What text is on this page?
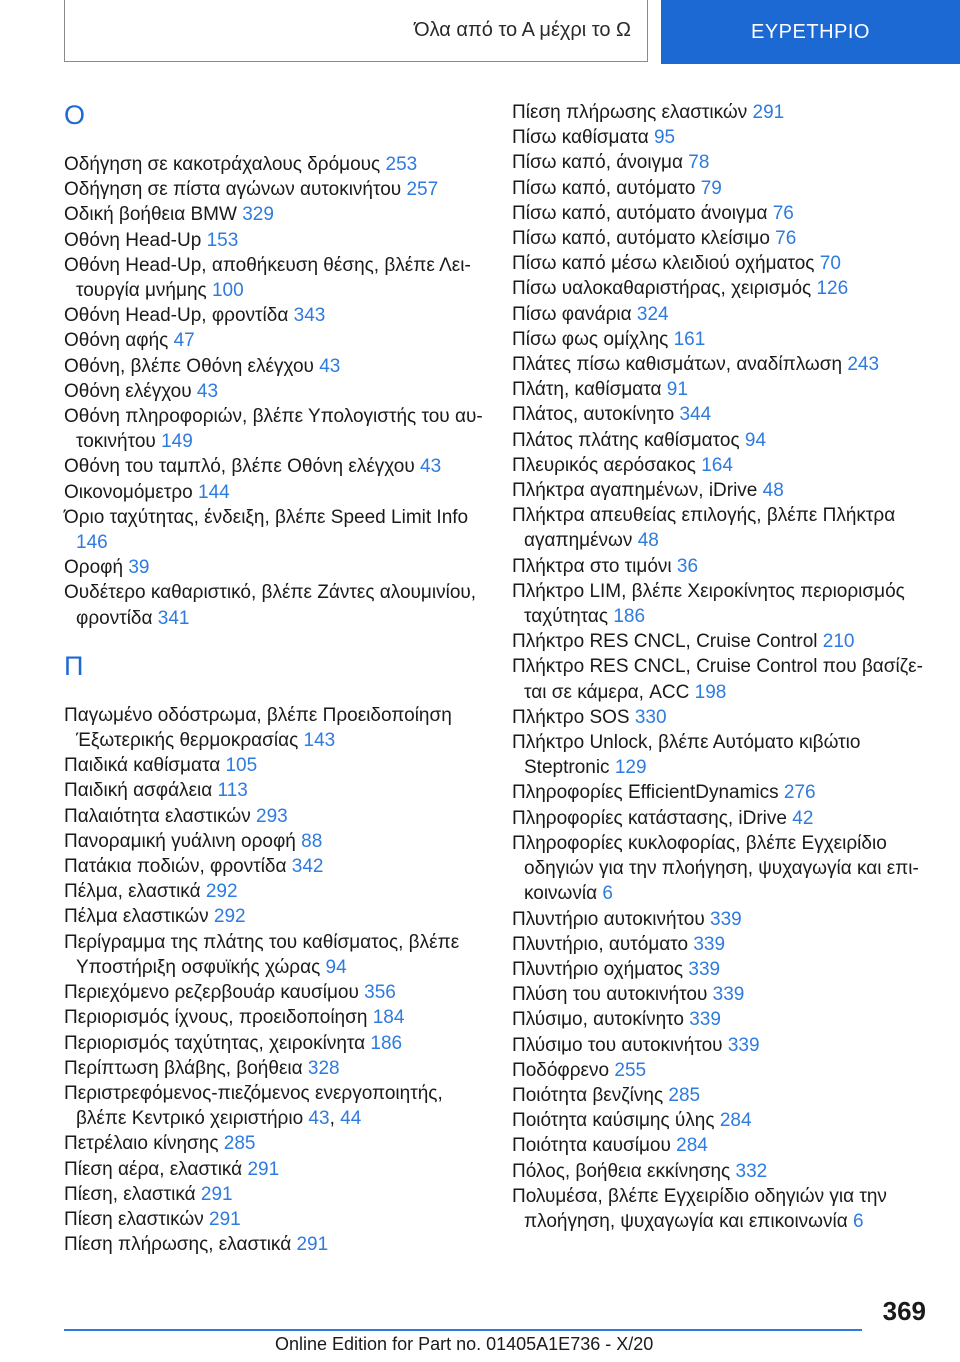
Όλα από το Α μέχρι το Ω	ΕΥΡΕΤΗΡΙΟ
O

Οδήγηση σε κακοτράχαλους δρόμους 253

Οδήγηση σε πίστα αγώνων αυτοκινήτου 257

Οδική βοήθεια BMW 329

Οθόνη Head-Up 153

Οθόνη Head-Up, αποθήκευση θέσης, βλέπε Λειτουργία μνήμης 100

Οθόνη Head-Up, φροντίδα 343

Οθόνη αφής 47

Οθόνη, βλέπε Οθόνη ελέγχου 43

Οθόνη ελέγχου 43

Οθόνη πληροφοριών, βλέπε Υπολογιστής του αυτοκινήτου 149

Οθόνη του ταμπλό, βλέπε Οθόνη ελέγχου 43

Οικονομόμετρο 144

Όριο ταχύτητας, ένδειξη, βλέπε Speed Limit Info 146

Οροφή 39

Ουδέτερο καθαριστικό, βλέπε Ζάντες αλουμινίου, φροντίδα 341

Π

Παγωμένο οδόστρωμα, βλέπε Προειδοποίηση Έξωτερικής θερμοκρασίας 143

Παιδικά καθίσματα 105

Παιδική ασφάλεια 113

Παλαιότητα ελαστικών 293

Πανοραμική γυάλινη οροφή 88

Πατάκια ποδιών, φροντίδα 342

Πέλμα, ελαστικά 292

Πέλμα ελαστικών 292

Περίγραμμα της πλάτης του καθίσματος, βλέπε Υποστήριξη οσφυϊκής χώρας 94

Περιεχόμενο ρεζερβουάρ καυσίμου 356

Περιορισμός ίχνους, προειδοποίηση 184

Περιορισμός ταχύτητας, χειροκίνητα 186

Περίπτωση βλάβης, βοήθεια 328

Περιστρεφόμενος-πιεζόμενος ενεργοποιητής, βλέπε Κεντρικό χειριστήριο 43, 44

Πετρέλαιο κίνησης 285

Πίεση αέρα, ελαστικά 291

Πίεση, ελαστικά 291

Πίεση ελαστικών 291

Πίεση πλήρωσης, ελαστικά 291

Πίεση πλήρωσης ελαστικών 291

Πίσω καθίσματα 95

Πίσω καπό, άνοιγμα 78

Πίσω καπό, αυτόματο 79

Πίσω καπό, αυτόματο άνοιγμα 76

Πίσω καπό, αυτόματο κλείσιμο 76

Πίσω καπό μέσω κλειδιού οχήματος 70

Πίσω υαλοκαθαριστήρας, χειρισμός 126

Πίσω φανάρια 324

Πίσω φως ομίχλης 161

Πλάτες πίσω καθισμάτων, αναδίπλωση 243

Πλάτη, καθίσματα 91

Πλάτος, αυτοκίνητο 344

Πλάτος πλάτης καθίσματος 94

Πλευρικός αερόσακος 164

Πλήκτρα αγαπημένων, iDrive 48

Πλήκτρα απευθείας επιλογής, βλέπε Πλήκτρα αγαπημένων 48

Πλήκτρα στο τιμόνι 36

Πλήκτρο LIM, βλέπε Χειροκίνητος περιορισμός ταχύτητας 186

Πλήκτρο RES CNCL, Cruise Control 210

Πλήκτρο RES CNCL, Cruise Control που βασίζεται σε κάμερα, ACC 198

Πλήκτρο SOS 330

Πλήκτρο Unlock, βλέπε Αυτόματο κιβώτιο Steptronic 129

Πληροφορίες EfficientDynamics 276

Πληροφορίες κατάστασης, iDrive 42

Πληροφορίες κυκλοφορίας, βλέπε Εγχειρίδιο οδηγιών για την πλοήγηση, ψυχαγωγία και επικοινωνία 6

Πλυντήριο αυτοκινήτου 339

Πλυντήριο, αυτόματο 339

Πλυντήριο οχήματος 339

Πλύση του αυτοκινήτου 339

Πλύσιμο, αυτοκίνητο 339

Πλύσιμο του αυτοκινήτου 339

Ποδόφρενο 255

Ποιότητα βενζίνης 285

Ποιότητα καύσιμης ύλης 284

Ποιότητα καυσίμου 284

Πόλος, βοήθεια εκκίνησης 332

Πολυμέσα, βλέπε Εγχειρίδιο οδηγιών για την πλοήγηση, ψυχαγωγία και επικοινωνία 6

369
Online Edition for Part no. 01405A1E736 - X/20
